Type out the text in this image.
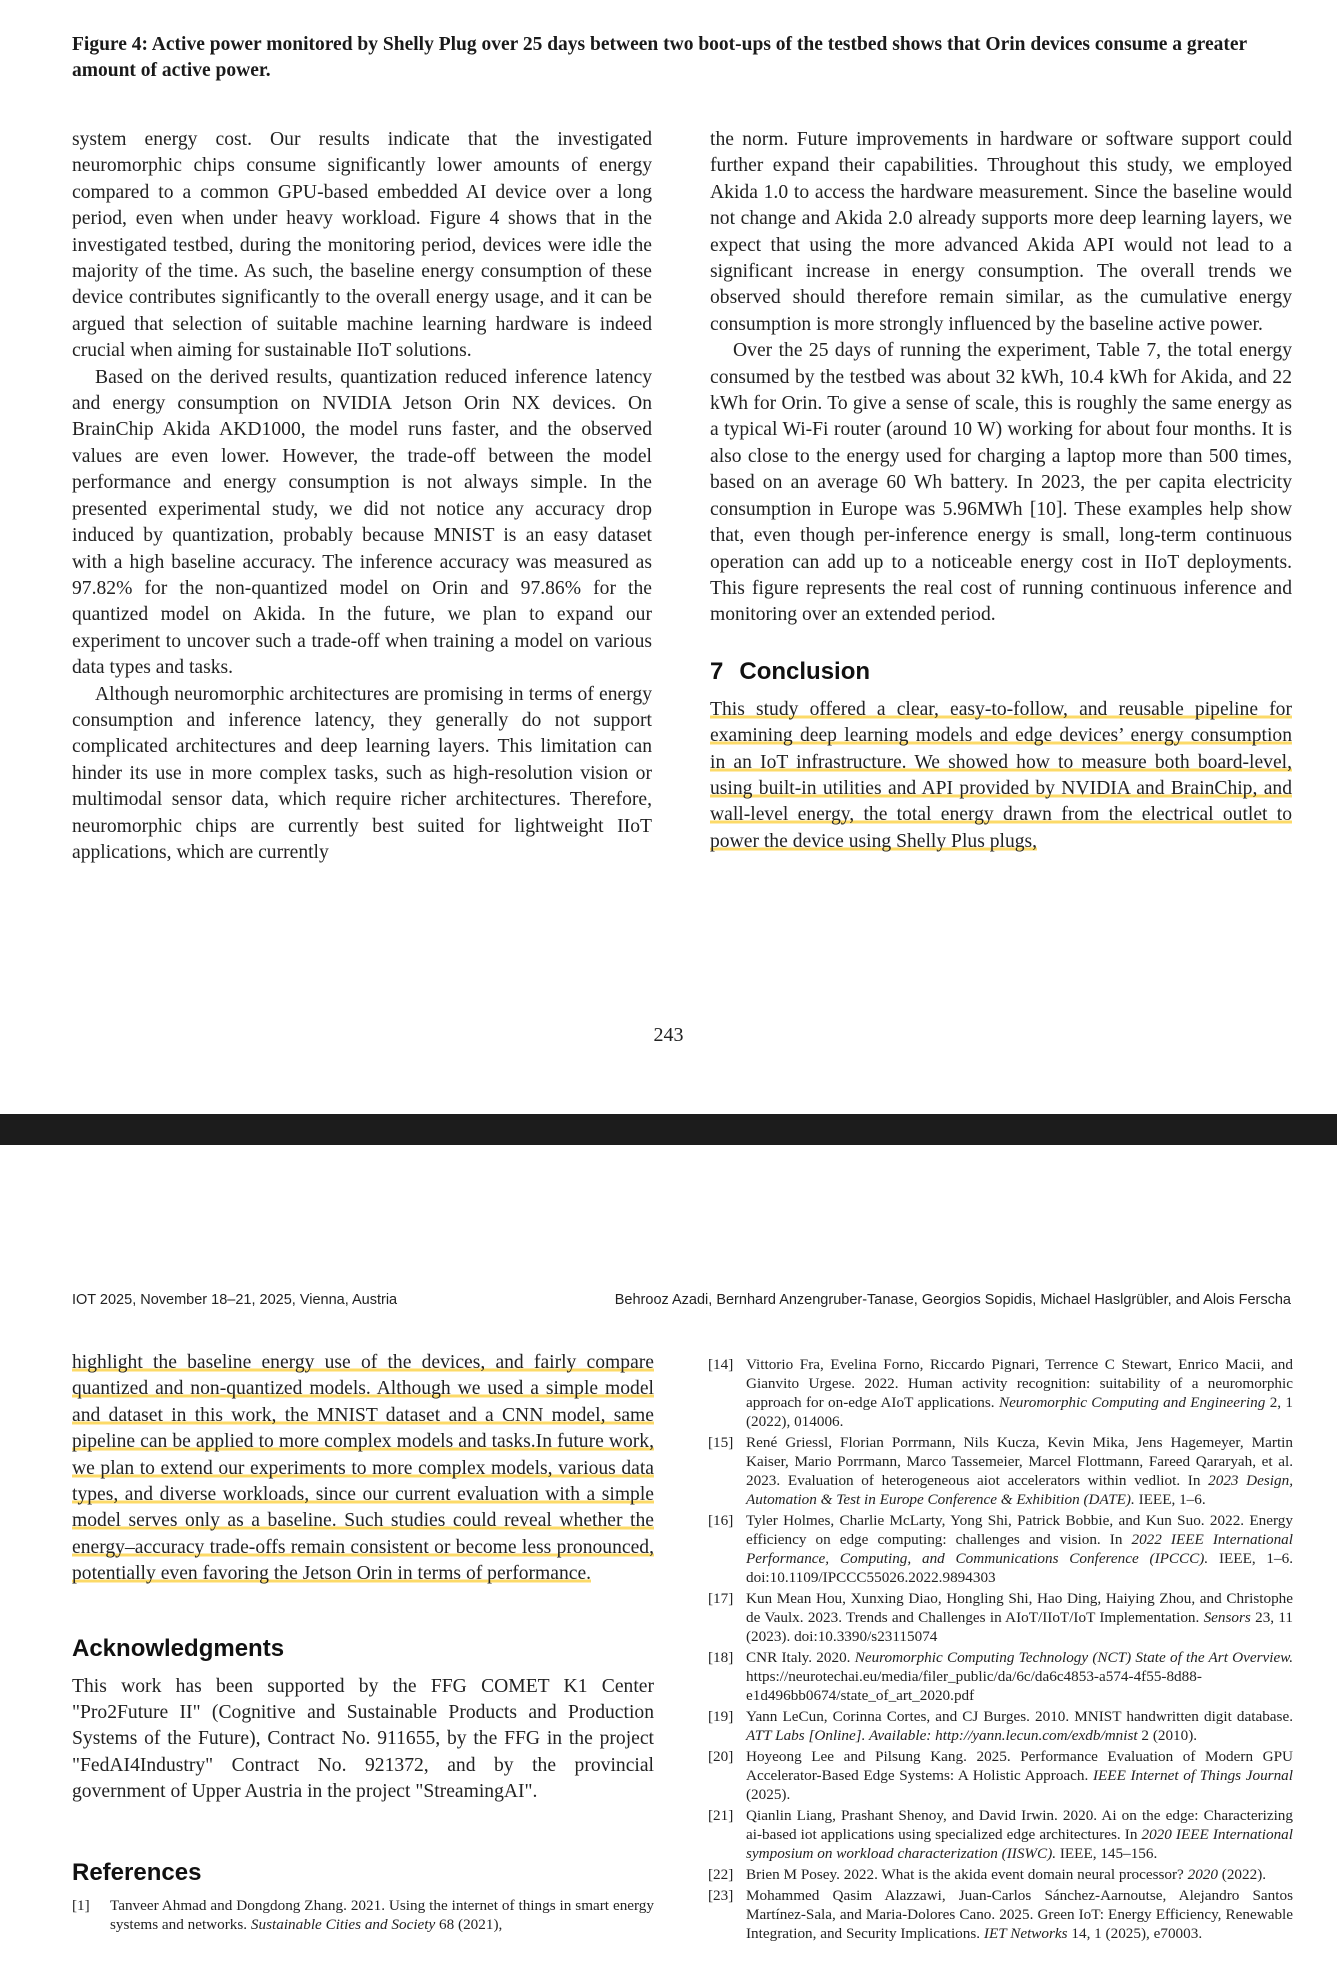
Figure 4: Active power monitored by Shelly Plug over 25 days between two boot-ups of the testbed shows that Orin devices consume a greater amount of active power.

system energy cost. Our results indicate that the investigated neuromorphic chips consume significantly lower amounts of energy compared to a common GPU-based embedded AI device over a long period, even when under heavy workload. Figure 4 shows that in the investigated testbed, during the monitoring period, devices were idle the majority of the time. As such, the baseline energy consumption of these device contributes significantly to the overall energy usage, and it can be argued that selection of suitable machine learning hardware is indeed crucial when aiming for sustainable IIoT solutions.

Based on the derived results, quantization reduced inference latency and energy consumption on NVIDIA Jetson Orin NX devices. On BrainChip Akida AKD1000, the model runs faster, and the observed values are even lower. However, the trade-off between the model performance and energy consumption is not always simple. In the presented experimental study, we did not notice any accuracy drop induced by quantization, probably because MNIST is an easy dataset with a high baseline accuracy. The inference accuracy was measured as 97.82% for the non-quantized model on Orin and 97.86% for the quantized model on Akida. In the future, we plan to expand our experiment to uncover such a trade-off when training a model on various data types and tasks.

Although neuromorphic architectures are promising in terms of energy consumption and inference latency, they generally do not support complicated architectures and deep learning layers. This limitation can hinder its use in more complex tasks, such as high-resolution vision or multimodal sensor data, which require richer architectures. Therefore, neuromorphic chips are currently best suited for lightweight IIoT applications, which are currently

the norm. Future improvements in hardware or software support could further expand their capabilities. Throughout this study, we employed Akida 1.0 to access the hardware measurement. Since the baseline would not change and Akida 2.0 already supports more deep learning layers, we expect that using the more advanced Akida API would not lead to a significant increase in energy consumption. The overall trends we observed should therefore remain similar, as the cumulative energy consumption is more strongly influenced by the baseline active power.

Over the 25 days of running the experiment, Table 7, the total energy consumed by the testbed was about 32 kWh, 10.4 kWh for Akida, and 22 kWh for Orin. To give a sense of scale, this is roughly the same energy as a typical Wi-Fi router (around 10 W) working for about four months. It is also close to the energy used for charging a laptop more than 500 times, based on an average 60 Wh battery. In 2023, the per capita electricity consumption in Europe was 5.96MWh [10]. These examples help show that, even though per-inference energy is small, long-term continuous operation can add up to a noticeable energy cost in IIoT deployments. This figure represents the real cost of running continuous inference and monitoring over an extended period.

7 Conclusion

This study offered a clear, easy-to-follow, and reusable pipeline for examining deep learning models and edge devices’ energy consumption in an IoT infrastructure. We showed how to measure both board-level, using built-in utilities and API provided by NVIDIA and BrainChip, and wall-level energy, the total energy drawn from the electrical outlet to power the device using Shelly Plus plugs,

243
IOT 2025, November 18–21, 2025, Vienna, Austria	Behrooz Azadi, Bernhard Anzengruber-Tanase, Georgios Sopidis, Michael Haslgrübler, and Alois Ferscha

highlight the baseline energy use of the devices, and fairly compare quantized and non-quantized models. Although we used a simple model and dataset in this work, the MNIST dataset and a CNN model, same pipeline can be applied to more complex models and tasks.In future work, we plan to extend our experiments to more complex models, various data types, and diverse workloads, since our current evaluation with a simple model serves only as a baseline. Such studies could reveal whether the energy–accuracy trade-offs remain consistent or become less pronounced, potentially even favoring the Jetson Orin in terms of performance.

Acknowledgments

This work has been supported by the FFG COMET K1 Center "Pro2Future II" (Cognitive and Sustainable Products and Production Systems of the Future), Contract No. 911655, by the FFG in the project "FedAI4Industry" Contract No. 921372, and by the provincial government of Upper Austria in the project "StreamingAI".

References
[1]	Tanveer Ahmad and Dongdong Zhang. 2021. Using the internet of things in smart energy systems and networks. Sustainable Cities and Society 68 (2021),
[14] Vittorio Fra, Evelina Forno, Riccardo Pignari, Terrence C Stewart, Enrico Macii, and Gianvito Urgese. 2022. Human activity recognition: suitability of a neuromorphic approach for on-edge AIoT applications. Neuromorphic Computing and Engineering 2, 1 (2022), 014006.
[15] René Griessl, Florian Porrmann, Nils Kucza, Kevin Mika, Jens Hagemeyer, Martin Kaiser, Mario Porrmann, Marco Tassemeier, Marcel Flottmann, Fareed Qararyah, et al. 2023. Evaluation of heterogeneous aiot accelerators within vedliot. In 2023 Design, Automation & Test in Europe Conference & Exhibition (DATE). IEEE, 1–6.
[16] Tyler Holmes, Charlie McLarty, Yong Shi, Patrick Bobbie, and Kun Suo. 2022. Energy efficiency on edge computing: challenges and vision. In 2022 IEEE International Performance, Computing, and Communications Conference (IPCCC). IEEE, 1–6. doi:10.1109/IPCCC55026.2022.9894303
[17] Kun Mean Hou, Xunxing Diao, Hongling Shi, Hao Ding, Haiying Zhou, and Christophe de Vaulx. 2023. Trends and Challenges in AIoT/IIoT/IoT Implementation. Sensors 23, 11 (2023). doi:10.3390/s23115074
[18] CNR Italy. 2020. Neuromorphic Computing Technology (NCT) State of the Art Overview. https://neurotechai.eu/media/filer_public/da/6c/da6c4853-a574-4f55-8d88-e1d496bb0674/state_of_art_2020.pdf
[19] Yann LeCun, Corinna Cortes, and CJ Burges. 2010. MNIST handwritten digit database. ATT Labs [Online]. Available: http://yann.lecun.com/exdb/mnist 2 (2010).
[20] Hoyeong Lee and Pilsung Kang. 2025. Performance Evaluation of Modern GPU Accelerator-Based Edge Systems: A Holistic Approach. IEEE Internet of Things Journal (2025).
[21] Qianlin Liang, Prashant Shenoy, and David Irwin. 2020. Ai on the edge: Characterizing ai-based iot applications using specialized edge architectures. In 2020 IEEE International symposium on workload characterization (IISWC). IEEE, 145–156.
[22] Brien M Posey. 2022. What is the akida event domain neural processor? 2020 (2022).
[23] Mohammed Qasim Alazzawi, Juan-Carlos Sánchez-Aarnoutse, Alejandro Santos Martínez-Sala, and Maria-Dolores Cano. 2025. Green IoT: Energy Efficiency, Renewable Integration, and Security Implications. IET Networks 14, 1 (2025), e70003.
